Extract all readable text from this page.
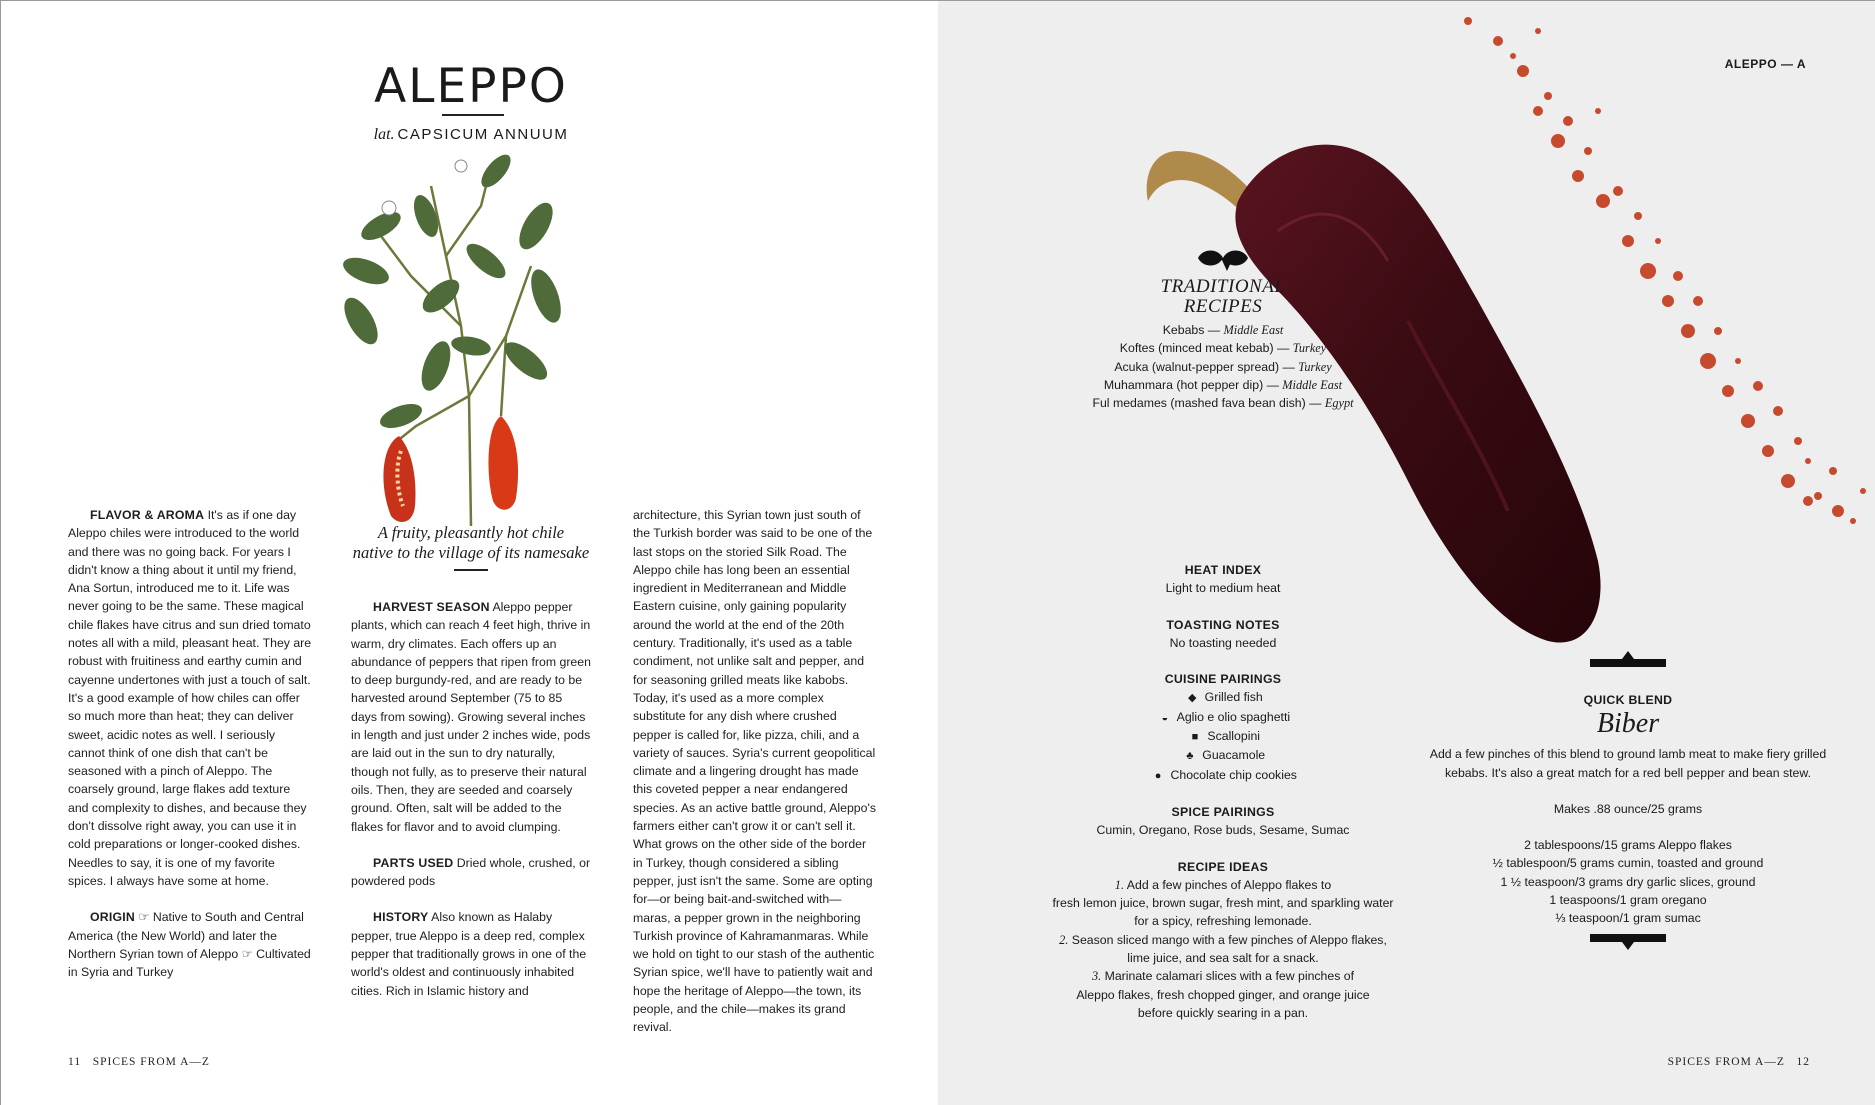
ALEPPO
lat. CAPSICUM ANNUUM
A fruity, pleasantly hot chile
native to the village of its namesake

FLAVOR & AROMA It's as if one day Aleppo chiles were introduced to the world and there was no going back. For years I didn't know a thing about it until my friend, Ana Sortun, introduced me to it. Life was never going to be the same. These magical chile flakes have citrus and sun dried tomato notes all with a mild, pleasant heat. They are robust with fruitiness and earthy cumin and cayenne undertones with just a touch of salt. It's a good example of how chiles can offer so much more than heat; they can deliver sweet, acidic notes as well. I seriously cannot think of one dish that can't be seasoned with a pinch of Aleppo. The coarsely ground, large flakes add texture and complexity to dishes, and because they don't dissolve right away, you can use it in cold preparations or longer-cooked dishes. Needles to say, it is one of my favorite spices. I always have some at home.

ORIGIN ☞ Native to South and Central America (the New World) and later the Northern Syrian town of Aleppo ☞ Cultivated in Syria and Turkey

HARVEST SEASON Aleppo pepper plants, which can reach 4 feet high, thrive in warm, dry climates. Each offers up an abundance of peppers that ripen from green to deep burgundy-red, and are ready to be harvested around September (75 to 85 days from sowing). Growing several inches in length and just under 2 inches wide, pods are laid out in the sun to dry naturally, though not fully, as to preserve their natural oils. Then, they are seeded and coarsely ground. Often, salt will be added to the flakes for flavor and to avoid clumping.

PARTS USED Dried whole, crushed, or powdered pods

HISTORY Also known as Halaby pepper, true Aleppo is a deep red, complex pepper that traditionally grows in one of the world's oldest and continuously inhabited cities. Rich in Islamic history and

architecture, this Syrian town just south of the Turkish border was said to be one of the last stops on the storied Silk Road. The Aleppo chile has long been an essential ingredient in Mediterranean and Middle Eastern cuisine, only gaining popularity around the world at the end of the 20th century. Traditionally, it's used as a table condiment, not unlike salt and pepper, and for seasoning grilled meats like kabobs. Today, it's used as a more complex substitute for any dish where crushed pepper is called for, like pizza, chili, and a variety of sauces. Syria's current geopolitical climate and a lingering drought has made this coveted pepper a near endangered species. As an active battle ground, Aleppo's farmers either can't grow it or can't sell it. What grows on the other side of the border in Turkey, though considered a sibling pepper, just isn't the same. Some are opting for—or being bait-and-switched with—maras, a pepper grown in the neighboring Turkish province of Kahramanmaras. While we hold on tight to our stash of the authentic Syrian spice, we'll have to patiently wait and hope the heritage of Aleppo—the town, its people, and the chile—makes its grand revival.

11 SPICES FROM A—Z
ALEPPO — A
TRADITIONAL
RECIPES
Kebabs — Middle East
Koftes (minced meat kebab) — Turkey
Acuka (walnut-pepper spread) — Turkey
Muhammara (hot pepper dip) — Middle East
Ful medames (mashed fava bean dish) — Egypt
HEAT INDEX
Light to medium heat
TOASTING NOTES
No toasting needed
CUISINE PAIRINGS
◆ Grilled fish
◒ Aglio e olio spaghetti
■ Scallopini
♣ Guacamole
● Chocolate chip cookies
SPICE PAIRINGS
Cumin, Oregano, Rose buds, Sesame, Sumac
RECIPE IDEAS
1. Add a few pinches of Aleppo flakes to
fresh lemon juice, brown sugar, fresh mint, and sparkling water
for a spicy, refreshing lemonade.
2. Season sliced mango with a few pinches of Aleppo flakes,
lime juice, and sea salt for a snack.
3. Marinate calamari slices with a few pinches of
Aleppo flakes, fresh chopped ginger, and orange juice
before quickly searing in a pan.
QUICK BLEND
Biber

Add a few pinches of this blend to ground lamb meat to make fiery grilled kebabs. It's also a great match for a red bell pepper and bean stew.

Makes .88 ounce/25 grams

2 tablespoons/15 grams Aleppo flakes
½ tablespoon/5 grams cumin, toasted and ground
1 ½ teaspoon/3 grams dry garlic slices, ground
1 teaspoons/1 gram oregano
⅓ teaspoon/1 gram sumac
SPICES FROM A—Z 12
